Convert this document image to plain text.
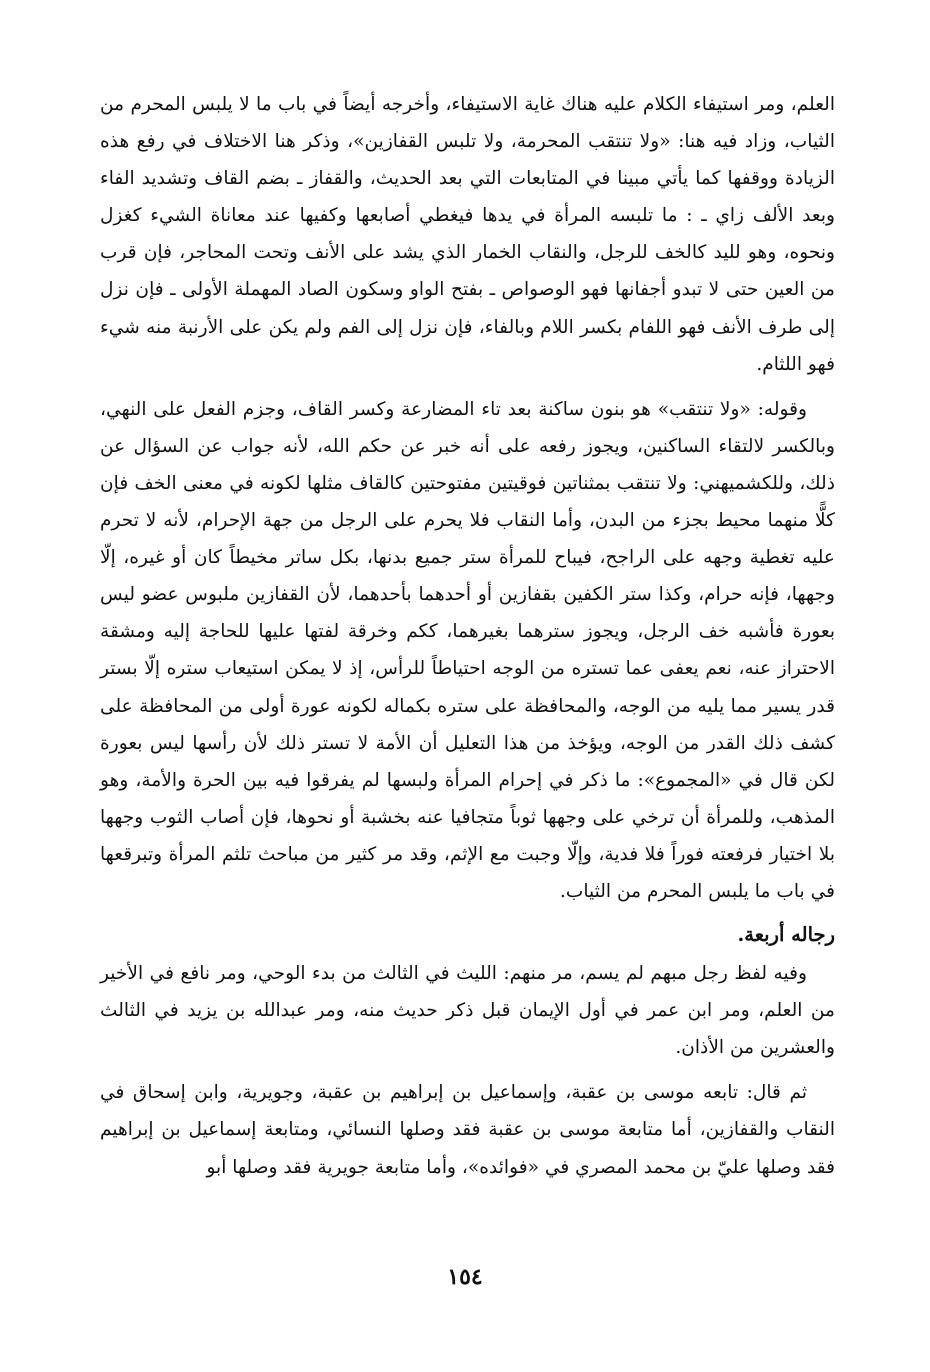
العلم، ومر استيفاء الكلام عليه هناك غاية الاستيفاء، وأخرجه أيضاً في باب ما لا يلبس المحرم من الثياب، وزاد فيه هنا: «ولا تنتقب المحرمة، ولا تلبس القفازين»، وذكر هنا الاختلاف في رفع هذه الزيادة ووقفها كما يأتي مبينا في المتابعات التي بعد الحديث، والقفاز ـ بضم القاف وتشديد الفاء وبعد الألف زاي ـ : ما تلبسه المرأة في يدها فيغطي أصابعها وكفيها عند معاناة الشيء كغزل ونحوه، وهو لليد كالخف للرجل، والنقاب الخمار الذي يشد على الأنف وتحت المحاجر، فإن قرب من العين حتى لا تبدو أجفانها فهو الوصواص ـ بفتح الواو وسكون الصاد المهملة الأولى ـ فإن نزل إلى طرف الأنف فهو اللفام بكسر اللام وبالفاء، فإن نزل إلى الفم ولم يكن على الأرنبة منه شيء فهو اللثام.

وقوله: «ولا تنتقب» هو بنون ساكنة بعد تاء المضارعة وكسر القاف، وجزم الفعل على النهي، وبالكسر لالتقاء الساكنين، ويجوز رفعه على أنه خبر عن حكم الله، لأنه جواب عن السؤال عن ذلك، وللكشميهني: ولا تنتقب بمثناتين فوقيتين مفتوحتين كالقاف مثلها لكونه في معنى الخف فإن كلًّا منهما محيط بجزء من البدن، وأما النقاب فلا يحرم على الرجل من جهة الإحرام، لأنه لا تحرم عليه تغطية وجهه على الراجح، فيباح للمرأة ستر جميع بدنها، بكل ساتر مخيطاً كان أو غيره، إلّا وجهها، فإنه حرام، وكذا ستر الكفين بقفازين أو أحدهما بأحدهما، لأن القفازين ملبوس عضو ليس بعورة فأشبه خف الرجل، ويجوز سترهما بغيرهما، ككم وخرقة لفتها عليها للحاجة إليه ومشقة الاحتراز عنه، نعم يعفى عما تستره من الوجه احتياطاً للرأس، إذ لا يمكن استيعاب ستره إلّا بستر قدر يسير مما يليه من الوجه، والمحافظة على ستره بكماله لكونه عورة أولى من المحافظة على كشف ذلك القدر من الوجه، ويؤخذ من هذا التعليل أن الأمة لا تستر ذلك لأن رأسها ليس بعورة لكن قال في «المجموع»: ما ذكر في إحرام المرأة ولبسها لم يفرقوا فيه بين الحرة والأمة، وهو المذهب، وللمرأة أن ترخي على وجهها ثوباً متجافيا عنه بخشبة أو نحوها، فإن أصاب الثوب وجهها بلا اختيار فرفعته فوراً فلا فدية، وإلّا وجبت مع الإثم، وقد مر كثير من مباحث تلثم المرأة وتبرقعها في باب ما يلبس المحرم من الثياب.

رجاله أربعة.

وفيه لفظ رجل مبهم لم يسم، مر منهم: الليث في الثالث من بدء الوحي، ومر نافع في الأخير من العلم، ومر ابن عمر في أول الإيمان قبل ذكر حديث منه، ومر عبدالله بن يزيد في الثالث والعشرين من الأذان.

ثم قال: تابعه موسى بن عقبة، وإسماعيل بن إبراهيم بن عقبة، وجويرية، وابن إسحاق في النقاب والقفازين، أما متابعة موسى بن عقبة فقد وصلها النسائي، ومتابعة إسماعيل بن إبراهيم فقد وصلها عليّ بن محمد المصري في «فوائده»، وأما متابعة جويرية فقد وصلها أبو

١٥٤
